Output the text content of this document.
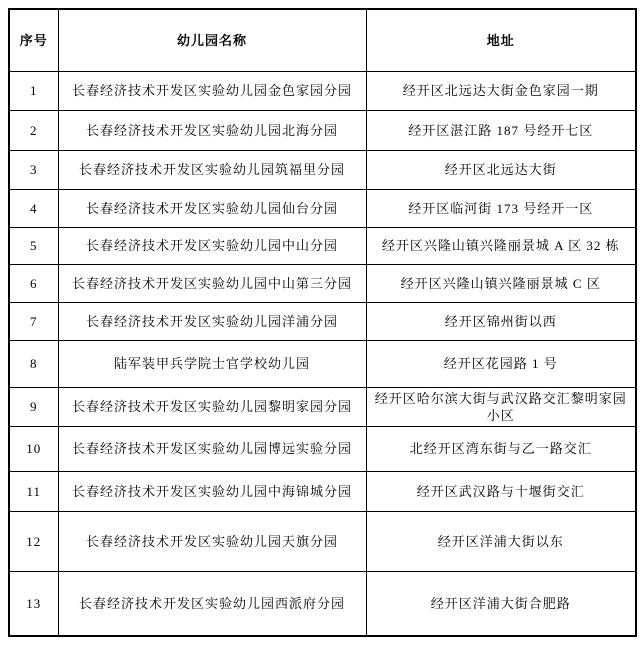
序号	幼儿园名称	地址
1	长春经济技术开发区实验幼儿园金色家园分园	经开区北远达大街金色家园一期
2	长春经济技术开发区实验幼儿园北海分园	经开区湛江路 187 号经开七区
3	长春经济技术开发区实验幼儿园筑福里分园	经开区北远达大街
4	长春经济技术开发区实验幼儿园仙台分园	经开区临河街 173 号经开一区
5	长春经济技术开发区实验幼儿园中山分园	经开区兴隆山镇兴隆丽景城 A 区 32 栋
6	长春经济技术开发区实验幼儿园中山第三分园	经开区兴隆山镇兴隆丽景城 C 区
7	长春经济技术开发区实验幼儿园洋浦分园	经开区锦州街以西
8	陆军装甲兵学院士官学校幼儿园	经开区花园路 1 号
9	长春经济技术开发区实验幼儿园黎明家园分园	经开区哈尔滨大街与武汉路交汇黎明家园小区
10	长春经济技术开发区实验幼儿园博远实验分园	北经开区湾东街与乙一路交汇
11	长春经济技术开发区实验幼儿园中海锦城分园	经开区武汉路与十堰街交汇
12	长春经济技术开发区实验幼儿园天旗分园	经开区洋浦大街以东
13	长春经济技术开发区实验幼儿园西派府分园	经开区洋浦大街合肥路
